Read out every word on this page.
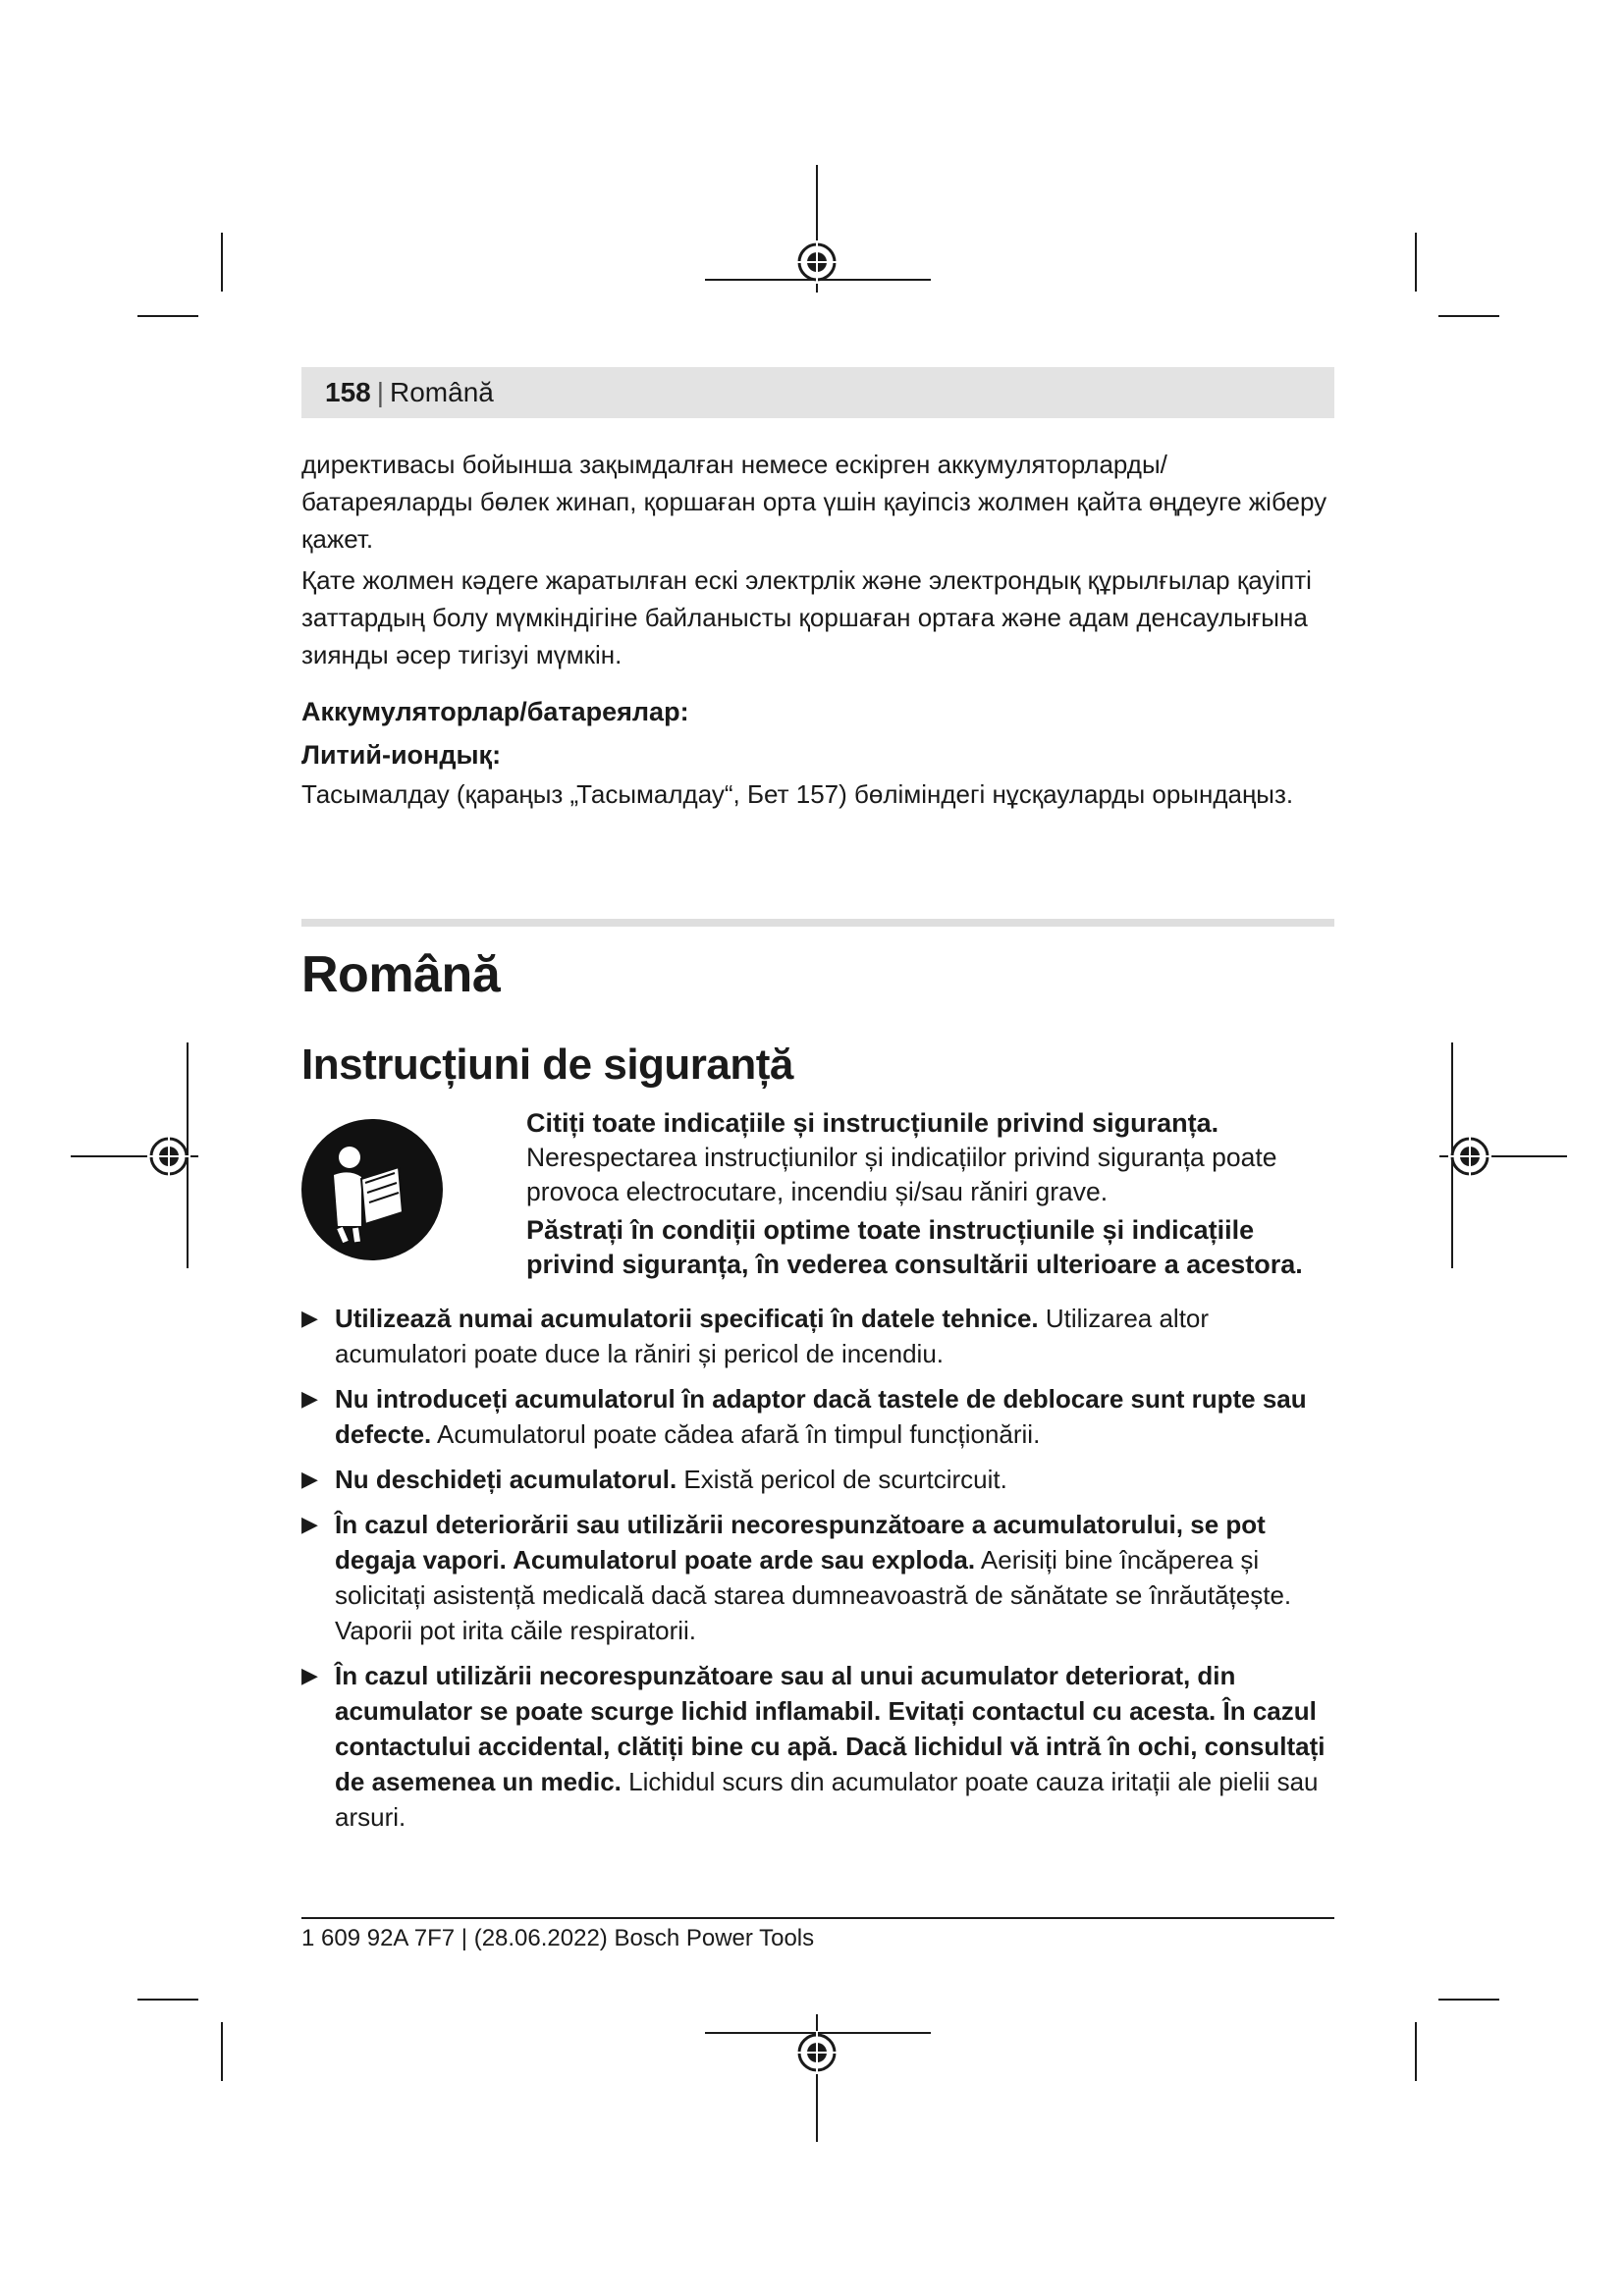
158 | Română

директивасы бойынша зақымдалған немесе ескірген аккумуляторларды/ батареяларды бөлек жинап, қоршаған орта үшін қауіпсіз жолмен қайта өңдеуге жіберу қажет.

Қате жолмен кәдеге жаратылған ескі электрлік және электрондық құрылғылар қауіпті заттардың болу мүмкіндігіне байланысты қоршаған ортаға және адам денсаулығына зиянды әсер тигізуі мүмкін.

Аккумуляторлар/батареялар:

Литий-иондық:

Тасымалдау (қараңыз „Тасымалдау“, Бет 157) бөліміндегі нұсқауларды орындаңыз.

Română
Instrucțiuni de siguranță

Citiți toate indicațiile și instrucțiunile privind siguranța.

Nerespectarea instrucțiunilor și indicațiilor privind siguranța poate provoca electrocutare, incendiu și/sau răniri grave.

Păstrați în condiții optime toate instrucțiunile și indicațiile privind siguranța, în vederea consultării ulterioare a acestora.

▶ Utilizează numai acumulatorii specificați în datele tehnice. Utilizarea altor acumulatori poate duce la răniri și pericol de incendiu.
▶ Nu introduceți acumulatorul în adaptor dacă tastele de deblocare sunt rupte sau defecte. Acumulatorul poate cădea afară în timpul funcționării.
▶ Nu deschideți acumulatorul. Există pericol de scurtcircuit.
▶ În cazul deteriorării sau utilizării necorespunzătoare a acumulatorului, se pot degaja vapori. Acumulatorul poate arde sau exploda. Aerisiți bine încăperea și solicitați asistență medicală dacă starea dumneavoastră de sănătate se înrăutățește. Vaporii pot irita căile respiratorii.
▶ În cazul utilizării necorespunzătoare sau al unui acumulator deteriorat, din acumulator se poate scurge lichid inflamabil. Evitați contactul cu acesta. În cazul contactului accidental, clătiți bine cu apă. Dacă lichidul vă intră în ochi, consultați de asemenea un medic. Lichidul scurs din acumulator poate cauza iritații ale pielii sau arsuri.
1 609 92A 7F7 | (28.06.2022) Bosch Power Tools
